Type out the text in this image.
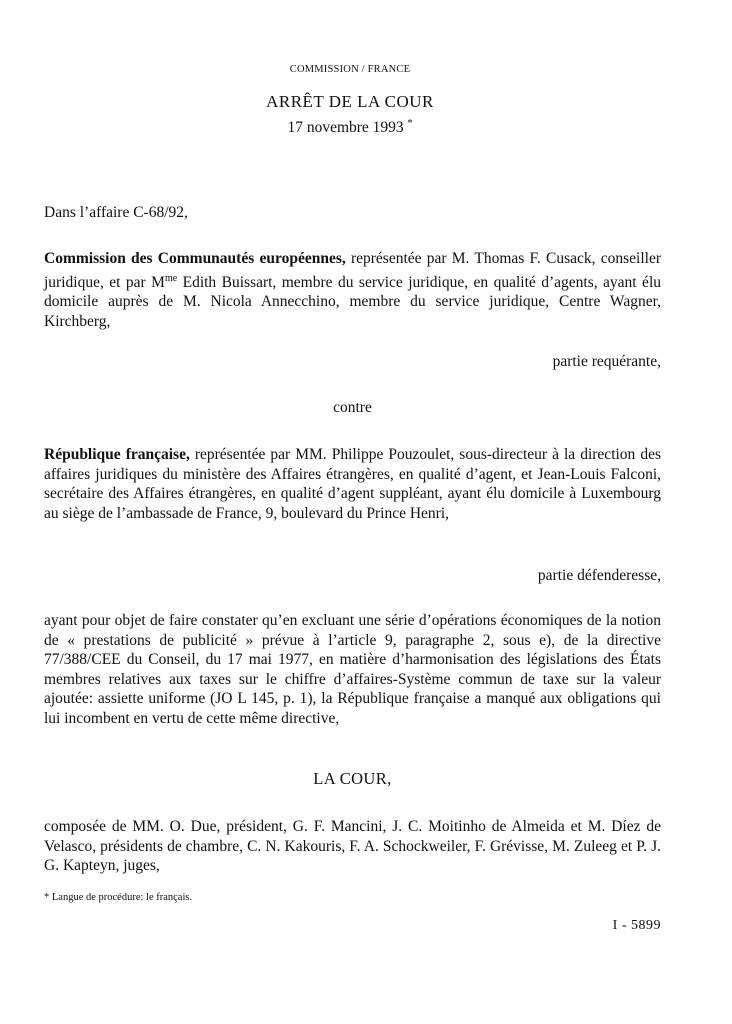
COMMISSION / FRANCE
ARRÊT DE LA COUR
17 novembre 1993 *
Dans l’affaire C-68/92,
Commission des Communautés européennes, représentée par M. Thomas F. Cusack, conseiller juridique, et par $M^{me}$ Edith Buissart, membre du service juridique, en qualité d’agents, ayant élu domicile auprès de M. Nicola Annecchino, membre du service juridique, Centre Wagner, Kirchberg,
partie requérante,
contre
République française, représentée par MM. Philippe Pouzoulet, sous-directeur à la direction des affaires juridiques du ministère des Affaires étrangères, en qualité d’agent, et Jean-Louis Falconi, secrétaire des Affaires étrangères, en qualité d’agent suppléant, ayant élu domicile à Luxembourg au siège de l’ambassade de France, 9, boulevard du Prince Henri,
partie défenderesse,
ayant pour objet de faire constater qu’en excluant une série d’opérations économiques de la notion de « prestations de publicité » prévue à l’article 9, paragraphe 2, sous e), de la directive 77/388/CEE du Conseil, du 17 mai 1977, en matière d’harmonisation des législations des États membres relatives aux taxes sur le chiffre d’affaires-Système commun de taxe sur la valeur ajoutée: assiette uniforme (JO L 145, p. 1), la République française a manqué aux obligations qui lui incombent en vertu de cette même directive,
LA COUR,
composée de MM. O. Due, président, G. F. Mancini, J. C. Moitinho de Almeida et M. Díez de Velasco, présidents de chambre, C. N. Kakouris, F. A. Schockweiler, F. Grévisse, M. Zuleeg et P. J. G. Kapteyn, juges,
* Langue de procédure: le français.
I - 5899
